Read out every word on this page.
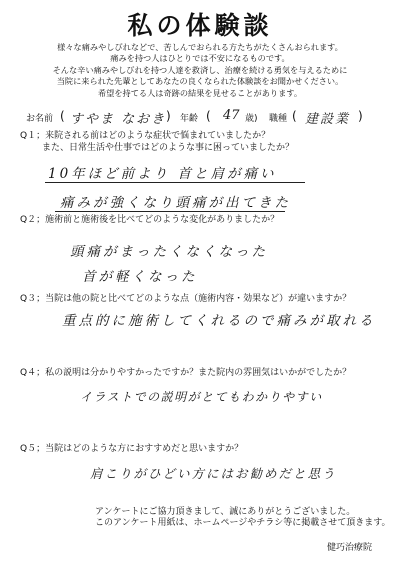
私の体験談
様々な痛みやしびれなどで、苦しんでおられる方たちがたくさんおられます。
痛みを持つ人はひとりでは不安になるものです。
そんな辛い痛みやしびれを持つ人達を救済し、治療を続ける勇気を与えるために
当院に来られた先輩としてあなたの良くなられた体験談をお聞かせください。
希望を持てる人は奇跡の結果を見せることがあります。
お名前 ( すやま なおき ) 年齢 ( 47 歳) 職種 ( 建設業 )
Q１；来院される前はどのような症状で悩まれていましたか？
また、日常生活や仕事ではどのような事に困っていましたか？
10年ほど前より 首と肩が痛い
痛みが強くなり頭痛が出てきた
Q２；施術前と施術後を比べてどのような変化がありましたか？
頭痛がまったくなくなった
首が軽くなった
Q３；当院は他の院と比べてどのような点（施術内容・効果など）が違いますか？
重点的に施術してくれるので痛みが取れる
Q４；私の説明は分かりやすかったですか？また院内の雰囲気はいかがでしたか？
イラストでの説明がとてもわかりやすい
Q５；当院はどのような方におすすめだと思いますか？
肩こりがひどい方にはお勧めだと思う
アンケートにご協力頂きまして、誠にありがとうございました。
このアンケート用紙は、ホームページやチラシ等に掲載させて頂きます。
健巧治療院
